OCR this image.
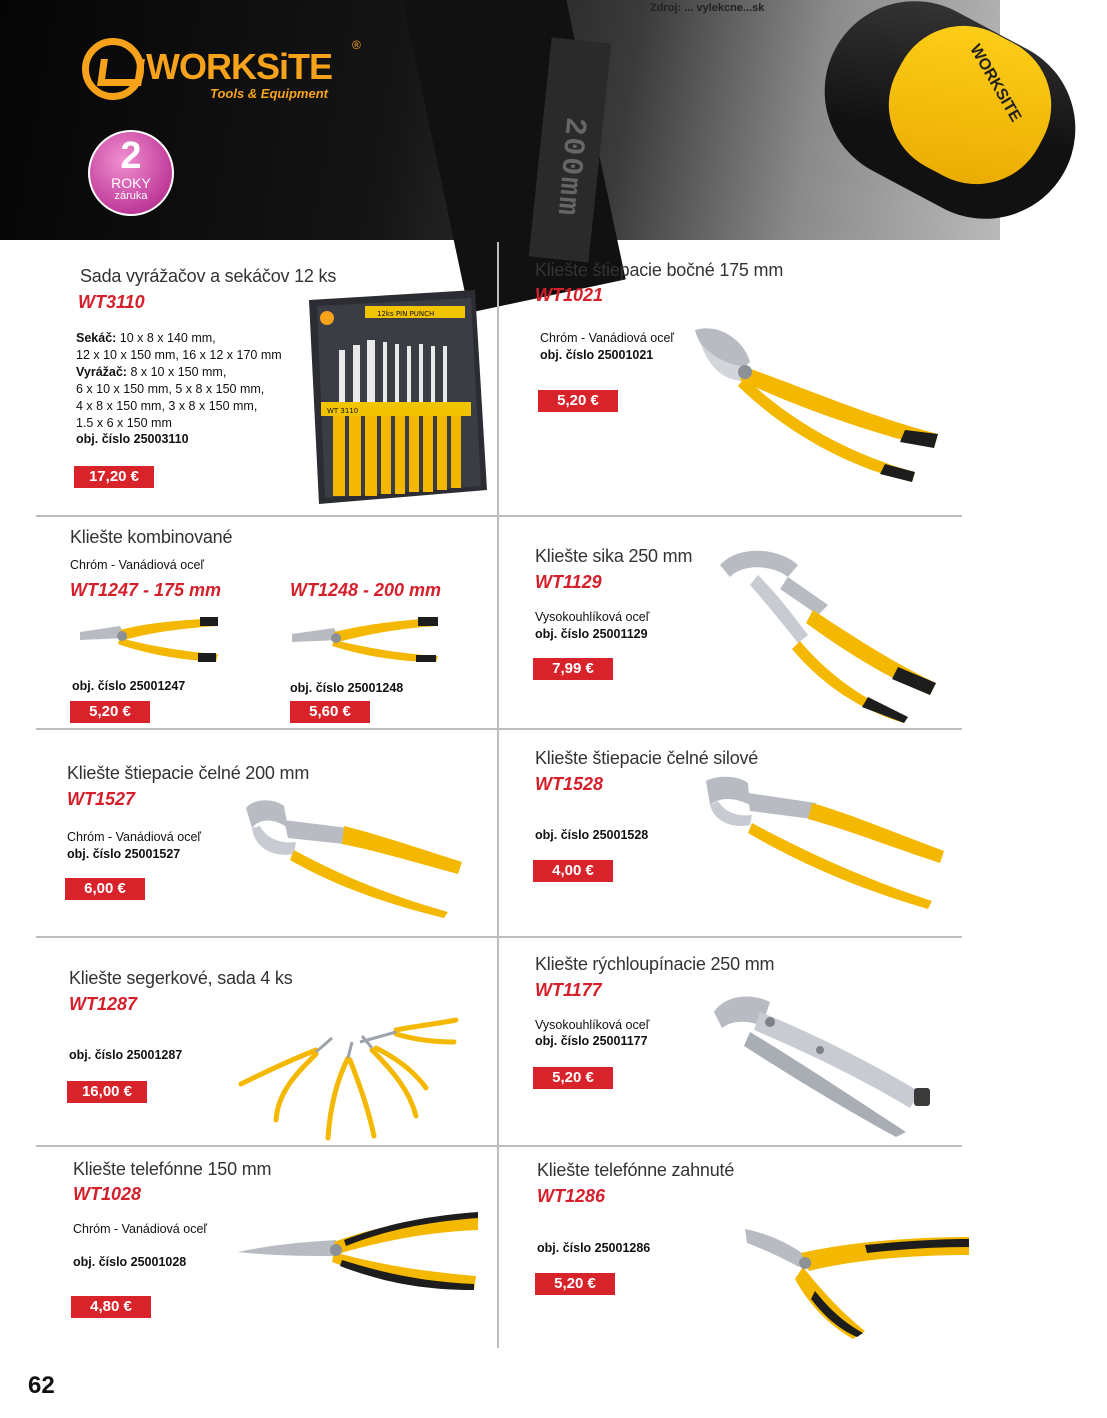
200mm
WORKSITE
Zdroj: ... vylekcne...sk
WORKSiTE
®
Tools & Equipment
2
ROKY
záruka
Sada vyrážačov a sekáčov 12 ks
WT3110
Sekáč: 10 x 8 x 140 mm,
12 x 10 x 150 mm, 16 x 12 x 170 mm
Vyrážač: 8 x 10 x 150 mm,
6 x 10 x 150 mm, 5 x 8 x 150 mm,
4 x 8 x 150 mm, 3 x 8 x 150 mm,
1.5 x 6 x 150 mm
obj. číslo 25003110
17,20 €
12ks PIN PUNCH
WT 3110
Kliešte štiepacie bočné 175 mm
WT1021
Chróm - Vanádiová oceľ
obj. číslo 25001021
5,20 €
Kliešte kombinované
Chróm - Vanádiová oceľ
WT1247 - 175 mm	WT1248 - 200 mm
obj. číslo 25001247	obj. číslo 25001248
5,20 €	5,60 €
Kliešte sika 250 mm
WT1129
Vysokouhlíková oceľ
obj. číslo 25001129
7,99 €
Kliešte štiepacie čelné 200 mm
WT1527
Chróm - Vanádiová oceľ
obj. číslo 25001527
6,00 €
Kliešte štiepacie čelné silové
WT1528
obj. číslo 25001528
4,00 €
Kliešte segerkové, sada 4 ks
WT1287
obj. číslo 25001287
16,00 €
Kliešte rýchloupínacie 250 mm
WT1177
Vysokouhlíková oceľ
obj. číslo 25001177
5,20 €
Kliešte telefónne 150 mm
WT1028
Chróm - Vanádiová oceľ
obj. číslo 25001028
4,80 €
Kliešte telefónne zahnuté
WT1286
obj. číslo 25001286
5,20 €
62
